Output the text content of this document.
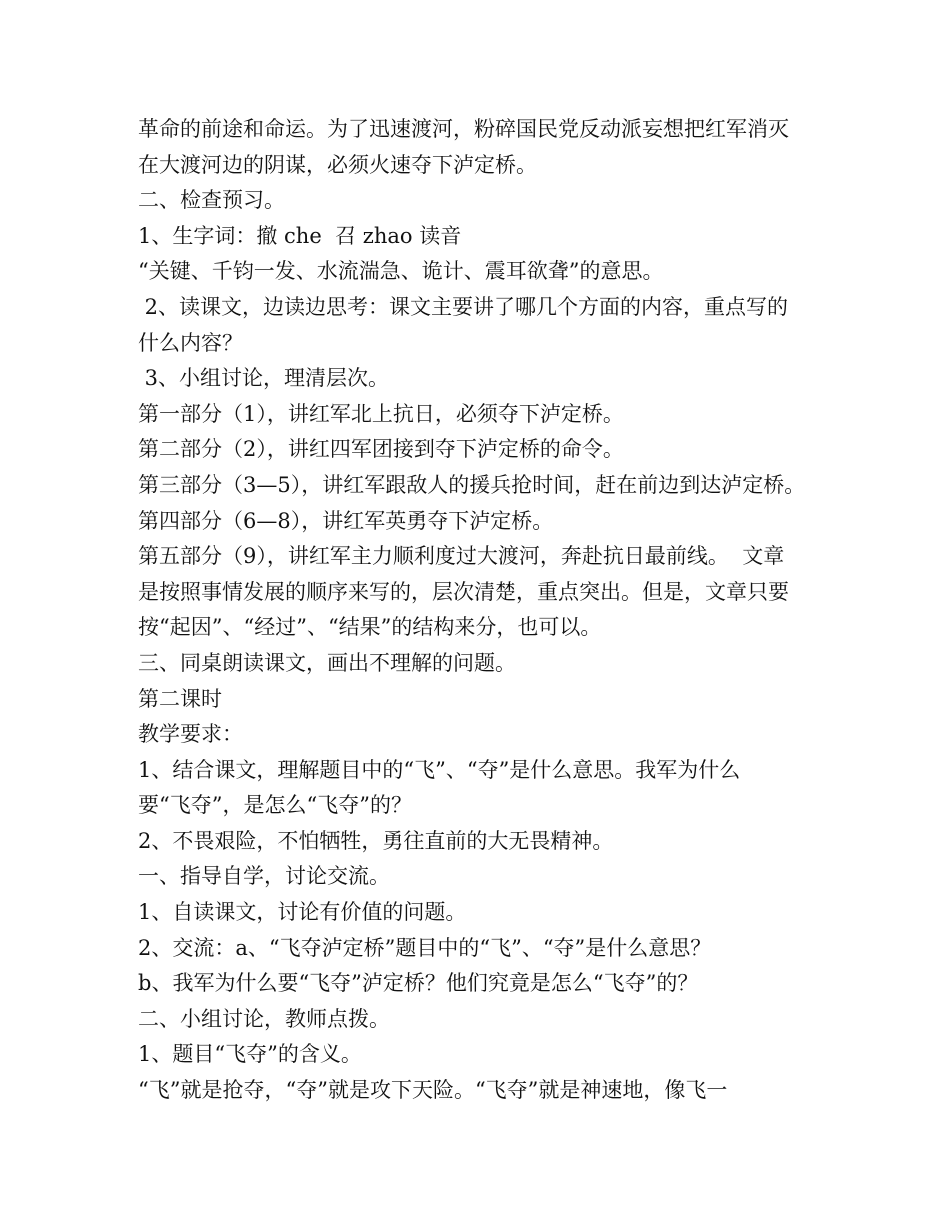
革命的前途和命运。为了迅速渡河，粉碎国民党反动派妄想把红军消灭
在大渡河边的阴谋，必须火速夺下泸定桥。
二、检查预习。
1、生字词：撤 che  召 zhao 读音
“关键、千钧一发、水流湍急、诡计、震耳欲聋”的意思。
2、读课文，边读边思考：课文主要讲了哪几个方面的内容，重点写的
什么内容？
3、小组讨论，理清层次。
第一部分（1），讲红军北上抗日，必须夺下泸定桥。
第二部分（2），讲红四军团接到夺下泸定桥的命令。
第三部分（3—5），讲红军跟敌人的援兵抢时间，赶在前边到达泸定桥。
第四部分（6—8），讲红军英勇夺下泸定桥。
第五部分（9），讲红军主力顺利度过大渡河，奔赴抗日最前线。  文章
是按照事情发展的顺序来写的，层次清楚，重点突出。但是，文章只要
按“起因”、“经过”、“结果”的结构来分，也可以。
三、同桌朗读课文，画出不理解的问题。
第二课时
教学要求：
1、结合课文，理解题目中的“飞”、“夺”是什么意思。我军为什么
要“飞夺”，是怎么“飞夺”的？
2、不畏艰险，不怕牺牲，勇往直前的大无畏精神。
一、指导自学，讨论交流。
1、自读课文，讨论有价值的问题。
2、交流：a、“飞夺泸定桥”题目中的“飞”、“夺”是什么意思？
b、我军为什么要“飞夺”泸定桥？他们究竟是怎么“飞夺”的？
二、小组讨论，教师点拨。
1、题目“飞夺”的含义。
“飞”就是抢夺，“夺”就是攻下天险。“飞夺”就是神速地，像飞一
